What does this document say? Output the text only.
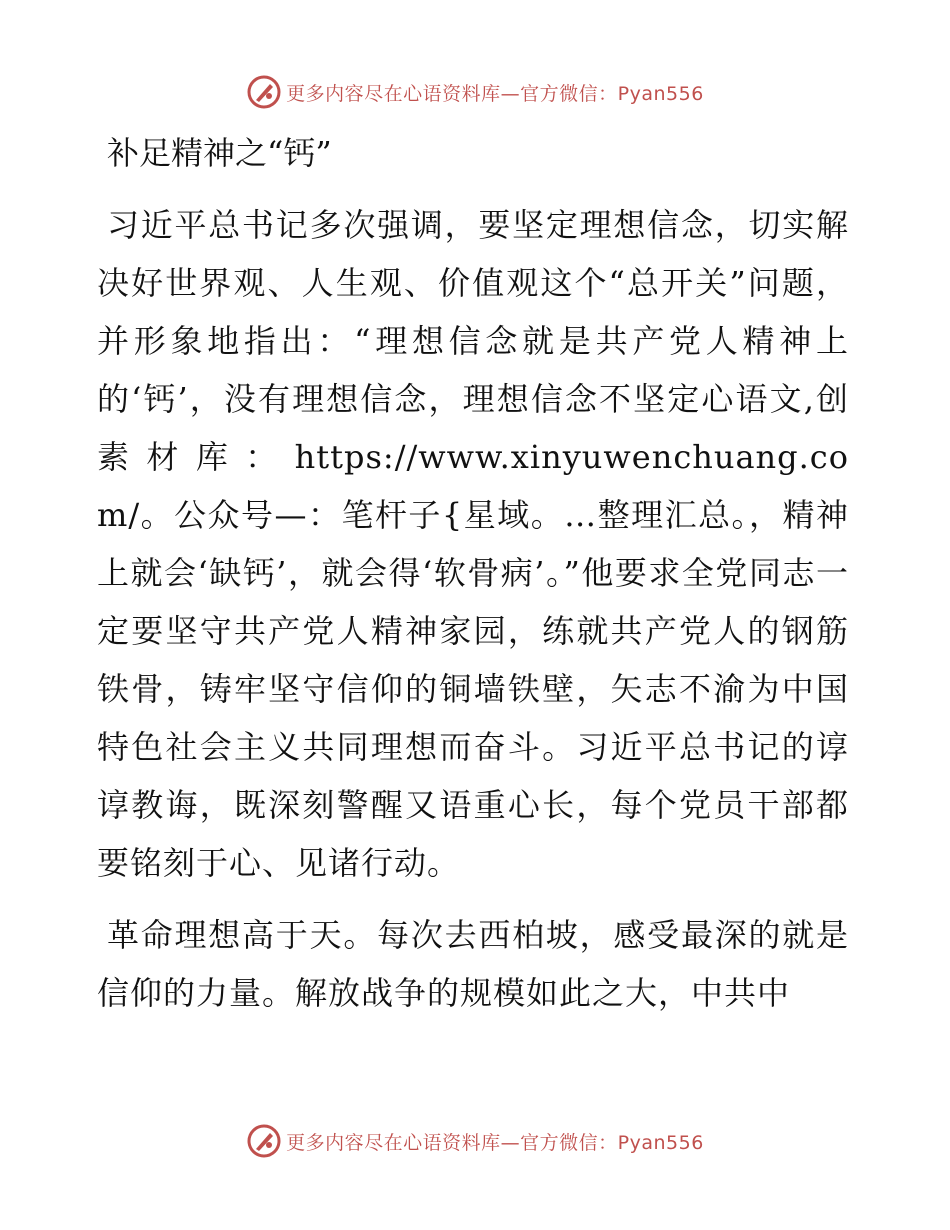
更多内容尽在心语资料库—官方微信：Pyan556
补足精神之“钙”

习近平总书记多次强调，要坚定理想信念，切实解决好世界观、人生观、价值观这个“总开关”问题，并形象地指出：“理想信念就是共产党人精神上的‘钙’，没有理想信念，理想信念不坚定心语文,创素材库：https://www.xinyuwenchuang.com/。公众号—：笔杆子{星域。…整理汇总。，精神上就会‘缺钙’，就会得‘软骨病’。”他要求全党同志一定要坚守共产党人精神家园，练就共产党人的钢筋铁骨，铸牢坚守信仰的铜墙铁壁，矢志不渝为中国特色社会主义共同理想而奋斗。习近平总书记的谆谆教诲，既深刻警醒又语重心长，每个党员干部都要铭刻于心、见诸行动。

革命理想高于天。每次去西柏坡，感受最深的就是信仰的力量。解放战争的规模如此之大，中共中

更多内容尽在心语资料库—官方微信：Pyan556
